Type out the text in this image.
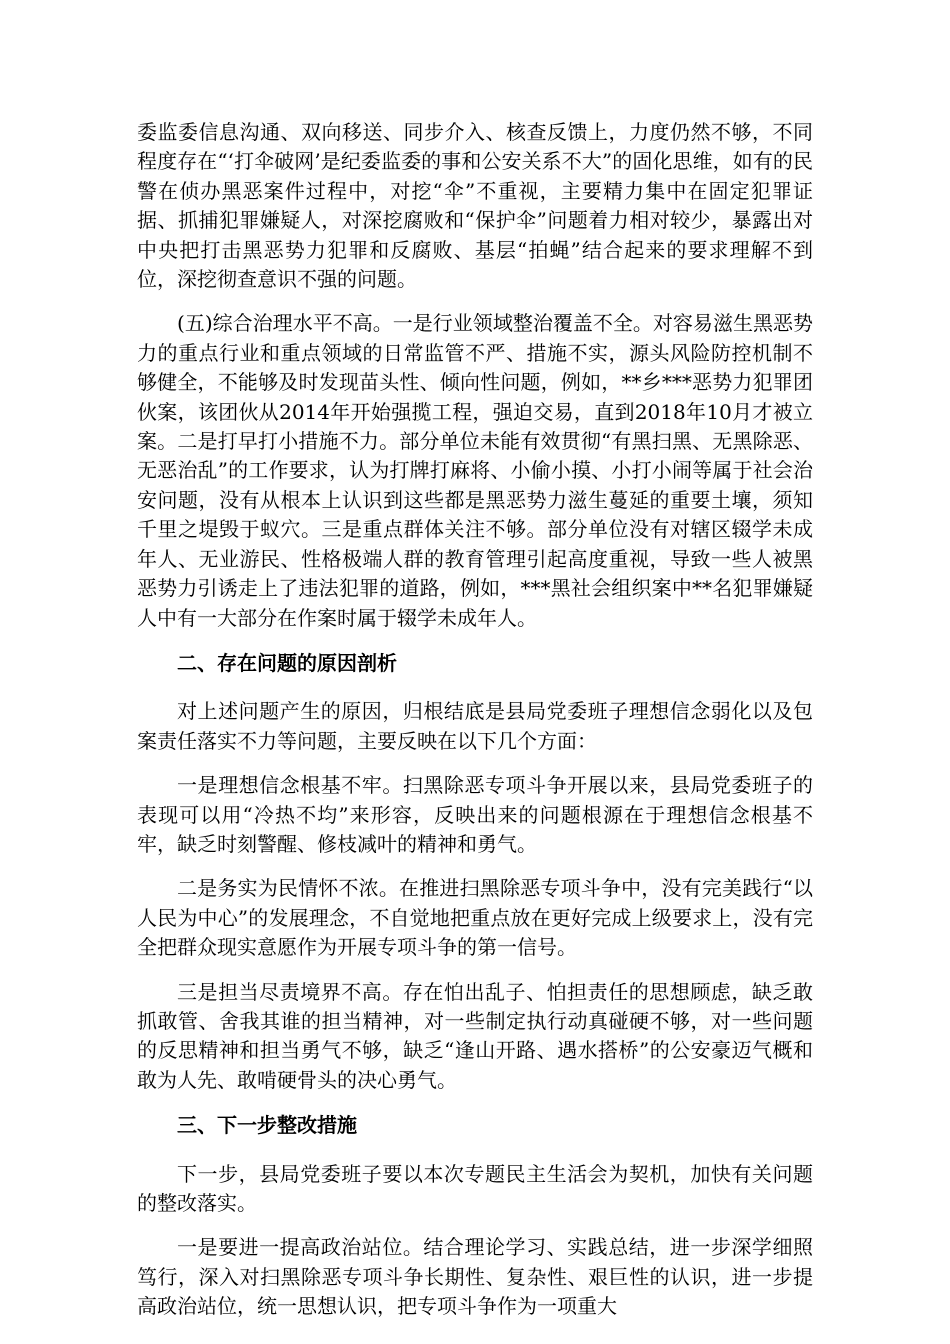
委监委信息沟通、双向移送、同步介入、核查反馈上，力度仍然不够，不同程度存在“‘打伞破网’是纪委监委的事和公安关系不大”的固化思维，如有的民警在侦办黑恶案件过程中，对挖“伞”不重视，主要精力集中在固定犯罪证据、抓捕犯罪嫌疑人，对深挖腐败和“保护伞”问题着力相对较少，暴露出对中央把打击黑恶势力犯罪和反腐败、基层“拍蝇”结合起来的要求理解不到位，深挖彻查意识不强的问题。

(五)综合治理水平不高。一是行业领域整治覆盖不全。对容易滋生黑恶势力的重点行业和重点领域的日常监管不严、措施不实，源头风险防控机制不够健全，不能够及时发现苗头性、倾向性问题，例如，**乡***恶势力犯罪团伙案，该团伙从2014年开始强揽工程，强迫交易，直到2018年10月才被立案。二是打早打小措施不力。部分单位未能有效贯彻“有黑扫黑、无黑除恶、无恶治乱”的工作要求，认为打牌打麻将、小偷小摸、小打小闹等属于社会治安问题，没有从根本上认识到这些都是黑恶势力滋生蔓延的重要土壤，须知千里之堤毁于蚁穴。三是重点群体关注不够。部分单位没有对辖区辍学未成年人、无业游民、性格极端人群的教育管理引起高度重视，导致一些人被黑恶势力引诱走上了违法犯罪的道路，例如，***黑社会组织案中**名犯罪嫌疑人中有一大部分在作案时属于辍学未成年人。

二、存在问题的原因剖析

对上述问题产生的原因，归根结底是县局党委班子理想信念弱化以及包案责任落实不力等问题，主要反映在以下几个方面：

一是理想信念根基不牢。扫黑除恶专项斗争开展以来，县局党委班子的表现可以用“冷热不均”来形容，反映出来的问题根源在于理想信念根基不牢，缺乏时刻警醒、修枝减叶的精神和勇气。

二是务实为民情怀不浓。在推进扫黑除恶专项斗争中，没有完美践行“以人民为中心”的发展理念，不自觉地把重点放在更好完成上级要求上，没有完全把群众现实意愿作为开展专项斗争的第一信号。

三是担当尽责境界不高。存在怕出乱子、怕担责任的思想顾虑，缺乏敢抓敢管、舍我其谁的担当精神，对一些制定执行动真碰硬不够，对一些问题的反思精神和担当勇气不够，缺乏“逢山开路、遇水搭桥”的公安豪迈气概和敢为人先、敢啃硬骨头的决心勇气。

三、下一步整改措施

下一步，县局党委班子要以本次专题民主生活会为契机，加快有关问题的整改落实。

一是要进一提高政治站位。结合理论学习、实践总结，进一步深学细照笃行，深入对扫黑除恶专项斗争长期性、复杂性、艰巨性的认识，进一步提高政治站位，统一思想认识，把专项斗争作为一项重大
